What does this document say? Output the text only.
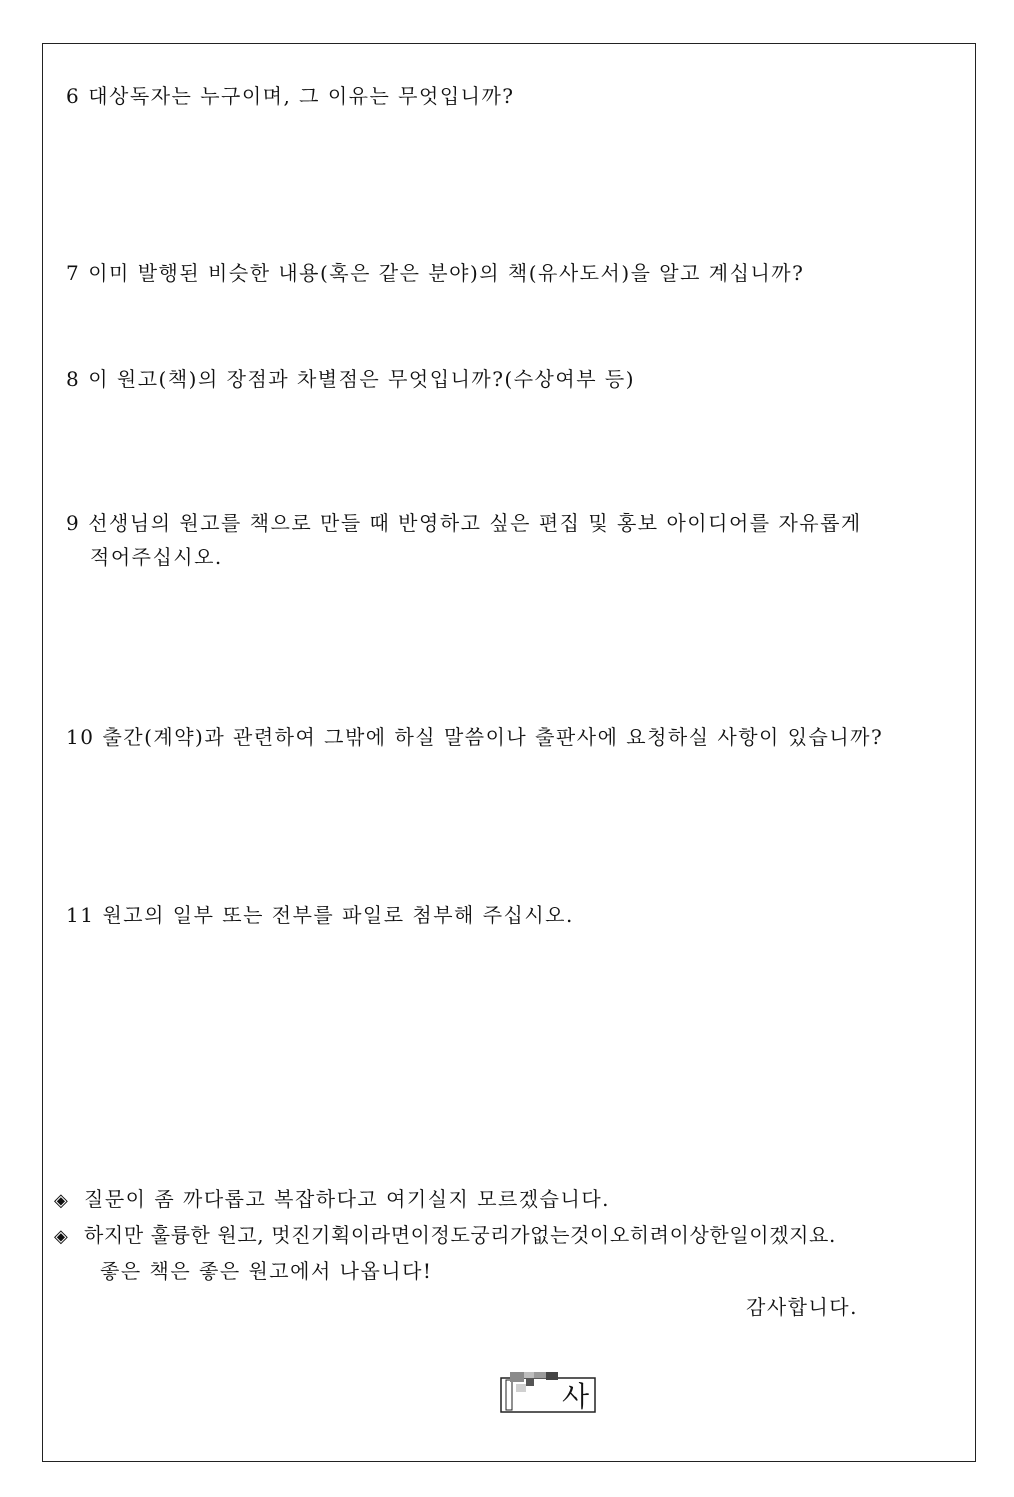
6 대상독자는 누구이며, 그 이유는 무엇입니까?
7 이미 발행된 비슷한 내용(혹은 같은 분야)의 책(유사도서)을 알고 계십니까?
8 이 원고(책)의 장점과 차별점은 무엇입니까?(수상여부 등)
9 선생님의 원고를 책으로 만들 때 반영하고 싶은 편집 및 홍보 아이디어를 자유롭게
적어주십시오.
10 출간(계약)과 관련하여 그밖에 하실 말씀이나 출판사에 요청하실 사항이 있습니까?
11 원고의 일부 또는 전부를 파일로 첨부해 주십시오.
◈ 질문이 좀 까다롭고 복잡하다고 여기실지 모르겠습니다.
◈ 하지만 훌륭한 원고, 멋진기획이라면이정도궁리가없는것이오히려이상한일이겠지요.
좋은 책은 좋은 원고에서 나옵니다!
감사합니다.
사
